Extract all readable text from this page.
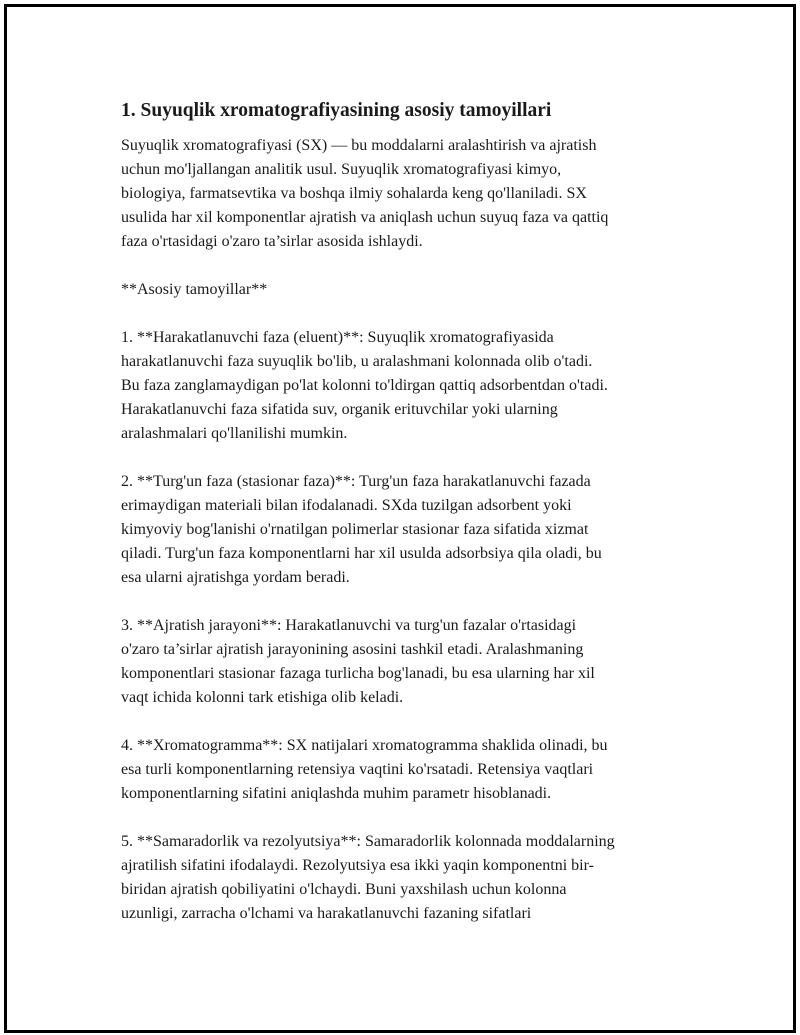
1. Suyuqlik xromatografiyasining asosiy tamoyillari

Suyuqlik xromatografiyasi (SX) — bu moddalarni aralashtirish va ajratish
uchun mo'ljallangan analitik usul. Suyuqlik xromatografiyasi kimyo,
biologiya, farmatsevtika va boshqa ilmiy sohalarda keng qo'llaniladi. SX
usulida har xil komponentlar ajratish va aniqlash uchun suyuq faza va qattiq
faza o'rtasidagi o'zaro ta’sirlar asosida ishlaydi.

**Asosiy tamoyillar**

1. **Harakatlanuvchi faza (eluent)**: Suyuqlik xromatografiyasida
harakatlanuvchi faza suyuqlik bo'lib, u aralashmani kolonnada olib o'tadi.
Bu faza zanglamaydigan po'lat kolonni to'ldirgan qattiq adsorbentdan o'tadi.
Harakatlanuvchi faza sifatida suv, organik erituvchilar yoki ularning
aralashmalari qo'llanilishi mumkin.

2. **Turg'un faza (stasionar faza)**: Turg'un faza harakatlanuvchi fazada
erimaydigan materiali bilan ifodalanadi. SXda tuzilgan adsorbent yoki
kimyoviy bog'lanishi o'rnatilgan polimerlar stasionar faza sifatida xizmat
qiladi. Turg'un faza komponentlarni har xil usulda adsorbsiya qila oladi, bu
esa ularni ajratishga yordam beradi.

3. **Ajratish jarayoni**: Harakatlanuvchi va turg'un fazalar o'rtasidagi
o'zaro ta’sirlar ajratish jarayonining asosini tashkil etadi. Aralashmaning
komponentlari stasionar fazaga turlicha bog'lanadi, bu esa ularning har xil
vaqt ichida kolonni tark etishiga olib keladi.

4. **Xromatogramma**: SX natijalari xromatogramma shaklida olinadi, bu
esa turli komponentlarning retensiya vaqtini ko'rsatadi. Retensiya vaqtlari
komponentlarning sifatini aniqlashda muhim parametr hisoblanadi.

5. **Samaradorlik va rezolyutsiya**: Samaradorlik kolonnada moddalarning
ajratilish sifatini ifodalaydi. Rezolyutsiya esa ikki yaqin komponentni bir-
biridan ajratish qobiliyatini o'lchaydi. Buni yaxshilash uchun kolonna
uzunligi, zarracha o'lchami va harakatlanuvchi fazaning sifatlari
